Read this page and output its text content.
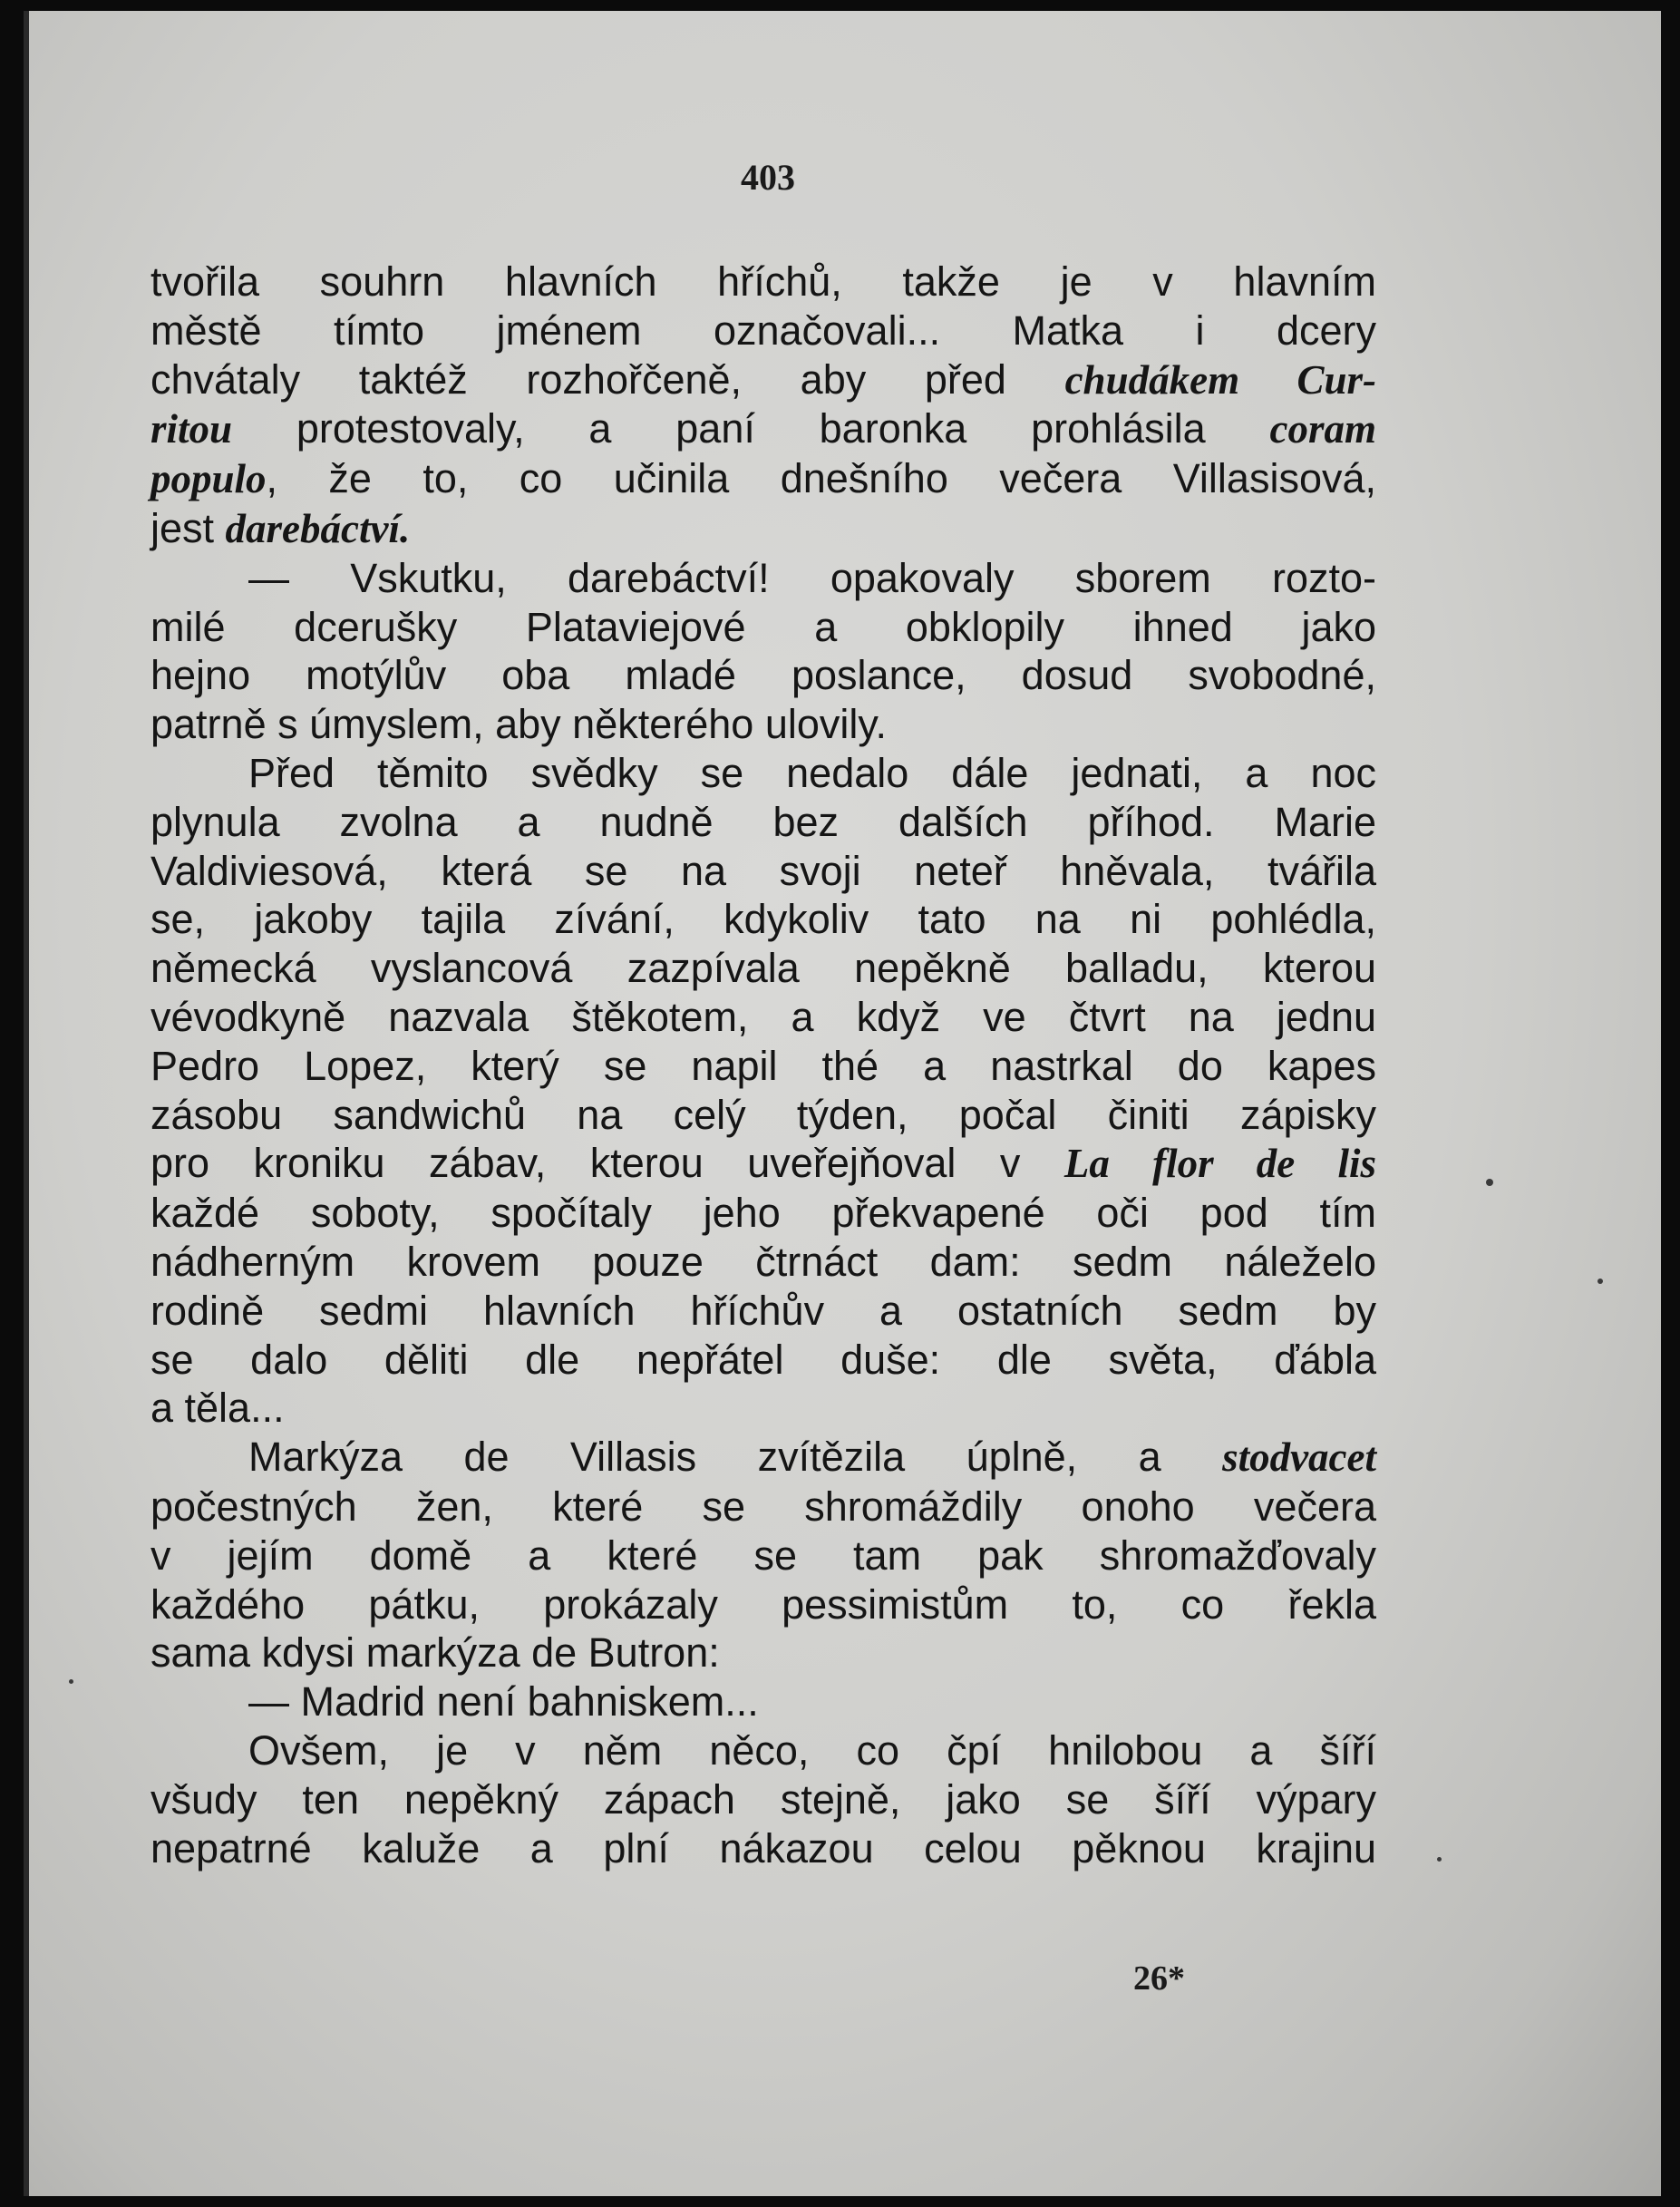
403

tvořila souhrn hlavních hříchů, takže je v hlavním
městě tímto jménem označovali... Matka i dcery
chvátaly taktéž rozhořčeně, aby před chudákem Cur-
ritou protestovaly, a paní baronka prohlásila coram
populo, že to, co učinila dnešního večera Villasisová,
jest darebáctví.

— Vskutku, darebáctví! opakovaly sborem rozto-
milé dcerušky Plataviejové a obklopily ihned jako
hejno motýlův oba mladé poslance, dosud svobodné,
patrně s úmyslem, aby některého ulovily.

Před těmito svědky se nedalo dále jednati, a noc
plynula zvolna a nudně bez dalších příhod. Marie
Valdiviesová, která se na svoji neteř hněvala, tvářila
se, jakoby tajila zívání, kdykoliv tato na ni pohlédla,
německá vyslancová zazpívala nepěkně balladu, kterou
vévodkyně nazvala štěkotem, a když ve čtvrt na jednu
Pedro Lopez, který se napil thé a nastrkal do kapes
zásobu sandwichů na celý týden, počal činiti zápisky
pro kroniku zábav, kterou uveřejňoval v La flor de lis
každé soboty, spočítaly jeho překvapené oči pod tím
nádherným krovem pouze čtrnáct dam: sedm náleželo
rodině sedmi hlavních hříchův a ostatních sedm by
se dalo děliti dle nepřátel duše: dle světa, ďábla
a těla...

Markýza de Villasis zvítězila úplně, a stodvacet
počestných žen, které se shromáždily onoho večera
v jejím domě a které se tam pak shromažďovaly
každého pátku, prokázaly pessimistům to, co řekla
sama kdysi markýza de Butron:

— Madrid není bahniskem...

Ovšem, je v něm něco, co čpí hnilobou a šíří
všudy ten nepěkný zápach stejně, jako se šíří výpary
nepatrné kaluže a plní nákazou celou pěknou krajinu

26*
